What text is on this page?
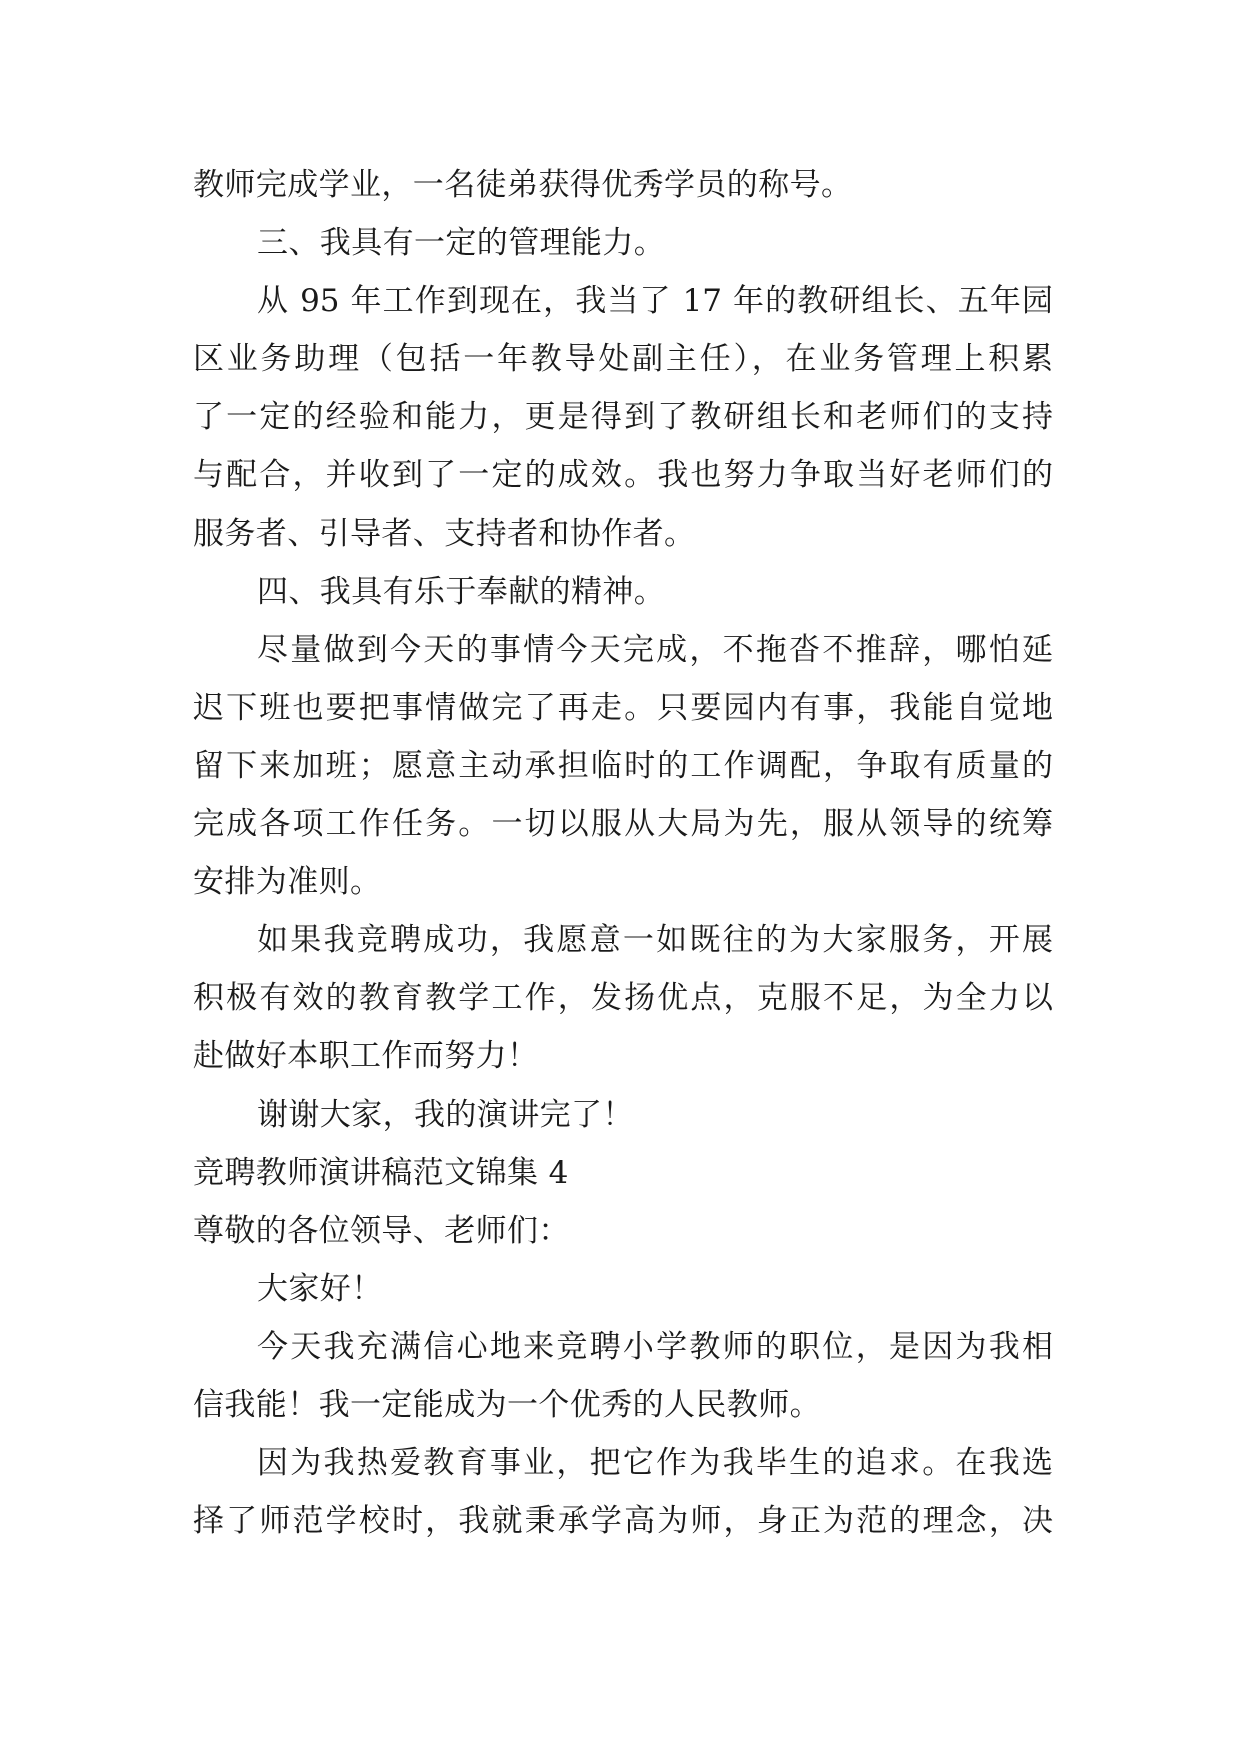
教师完成学业，一名徒弟获得优秀学员的称号。
三、我具有一定的管理能力。
从 95 年工作到现在，我当了 17 年的教研组长、五年园
区业务助理（包括一年教导处副主任），在业务管理上积累
了一定的经验和能力，更是得到了教研组长和老师们的支持
与配合，并收到了一定的成效。我也努力争取当好老师们的
服务者、引导者、支持者和协作者。
四、我具有乐于奉献的精神。
尽量做到今天的事情今天完成，不拖沓不推辞，哪怕延
迟下班也要把事情做完了再走。只要园内有事，我能自觉地
留下来加班；愿意主动承担临时的工作调配，争取有质量的
完成各项工作任务。一切以服从大局为先，服从领导的统筹
安排为准则。
如果我竞聘成功，我愿意一如既往的为大家服务，开展
积极有效的教育教学工作，发扬优点，克服不足，为全力以
赴做好本职工作而努力！
谢谢大家，我的演讲完了！
竞聘教师演讲稿范文锦集 4
尊敬的各位领导、老师们：
大家好！
今天我充满信心地来竞聘小学教师的职位，是因为我相
信我能！我一定能成为一个优秀的人民教师。
因为我热爱教育事业，把它作为我毕生的追求。在我选
择了师范学校时，我就秉承学高为师，身正为范的理念，决
